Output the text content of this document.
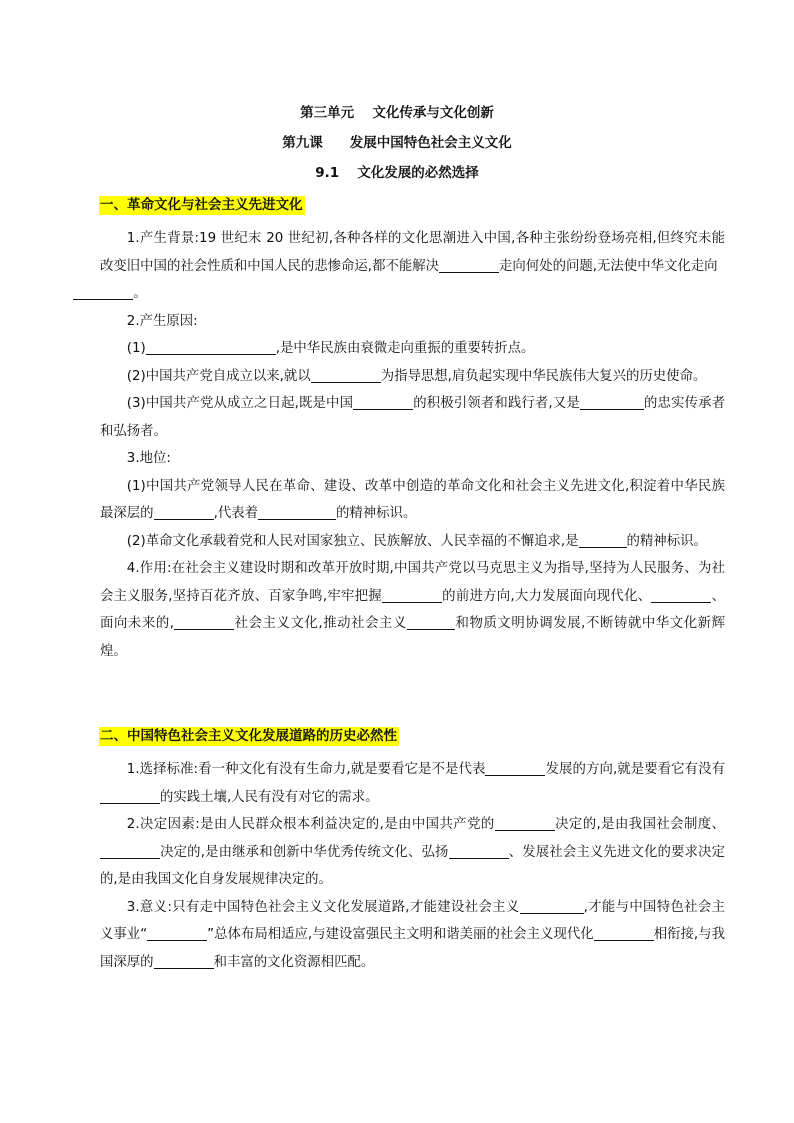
第三单元　 文化传承与文化创新
第九课　　发展中国特色社会主义文化
9.1　 文化发展的必然选择
一、革命文化与社会主义先进文化

1.产生背景:19 世纪末 20 世纪初,各种各样的文化思潮进入中国,各种主张纷纷登场亮相,但终究未能改变旧中国的社会性质和中国人民的悲惨命运,都不能解决	走向何处的问题,无法使中华文化走向
。

2.产生原因:

(1)	,是中华民族由衰微走向重振的重要转折点。

(2)中国共产党自成立以来,就以	为指导思想,肩负起实现中华民族伟大复兴的历史使命。

(3)中国共产党从成立之日起,既是中国	的积极引领者和践行者,又是	的忠实传承者和弘扬者。

3.地位:

(1)中国共产党领导人民在革命、建设、改革中创造的革命文化和社会主义先进文化,积淀着中华民族最深层的	,代表着	的精神标识。

(2)革命文化承载着党和人民对国家独立、民族解放、人民幸福的不懈追求,是	的精神标识。

4.作用:在社会主义建设时期和改革开放时期,中国共产党以马克思主义为指导,坚持为人民服务、为社会主义服务,坚持百花齐放、百家争鸣,牢牢把握	的前进方向,大力发展面向现代化、	、面向未来的,	社会主义文化,推动社会主义	和物质文明协调发展,不断铸就中华文化新辉煌。

二、中国特色社会主义文化发展道路的历史必然性

1.选择标准:看一种文化有没有生命力,就是要看它是不是代表	发展的方向,就是要看它有没有的实践土壤,人民有没有对它的需求。

2.决定因素:是由人民群众根本利益决定的,是由中国共产党的	决定的,是由我国社会制度、决定的,是由继承和创新中华优秀传统文化、弘扬	、发展社会主义先进文化的要求决定的,是由我国文化自身发展规律决定的。

3.意义:只有走中国特色社会主义文化发展道路,才能建设社会主义	,才能与中国特色社会主义事业“	”总体布局相适应,与建设富强民主文明和谐美丽的社会主义现代化	相衔接,与我国深厚的	和丰富的文化资源相匹配。
